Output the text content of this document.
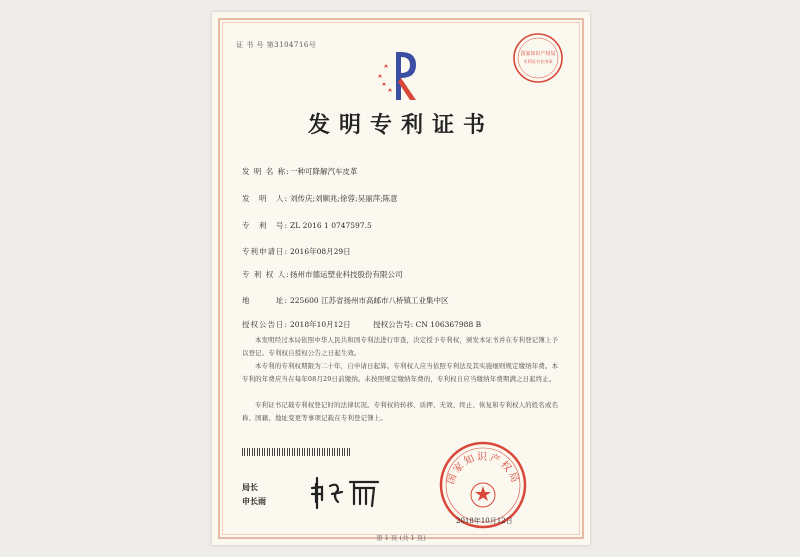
证 书 号 第3104716号
国家知识产权局
专利证书专用章
发明专利证书
发 明 名 称:一种可降解汽车皮革
发　明　人: 刘传庆;刘顺兆;徐蓉;吴丽萍;陈意
专　利　号: ZL 2016 1 0747597.5
专利申请日: 2016年08月29日
专 利 权 人:扬州市德运塑业科技股份有限公司
地　　　址: 225600 江苏省扬州市高邮市八桥镇工业集中区
授权公告日: 2018年10月12日　　　授权公告号: CN 106367988 B
本发明经过本局依照中华人民共和国专利法进行审查，决定授予专利权，颁发本证书并在专利登记簿上予以登记。专利权自授权公告之日起生效。
本专利的专利权期限为二十年，自申请日起算。专利权人应当依照专利法及其实施细则规定缴纳年费。本专利的年费应当在每年08月29日前缴纳。未按照规定缴纳年费的，专利权自应当缴纳年费期满之日起终止。
专利证书记载专利权登记时的法律状况。专利权的转移、质押、无效、终止、恢复和专利权人的姓名或名称、国籍、地址变更等事项记载在专利登记簿上。
局长
申长雨
国家知识产权局
2018年10月12日
第 1 页 (共 1 页)
